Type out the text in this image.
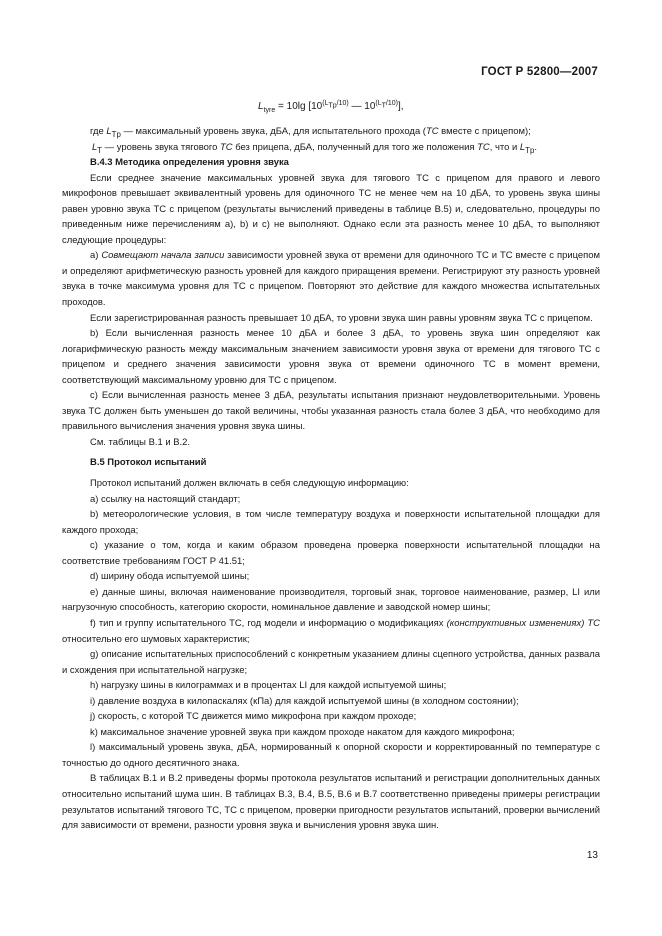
ГОСТ Р 52800—2007
$L_{tyre} = 10\lg$ [$10^{(L_{Tp}/10)}$ — $10^{(L_T/10)}$],

где $L_{Tp}$ — максимальный уровень звука, дБА, для испытательного прохода (TC вместе с прицепом);

$L_T$ — уровень звука тягового TC без прицепа, дБА, полученный для того же положения TC, что и $L_{Tp}$.

В.4.3 Методика определения уровня звука

Если среднее значение максимальных уровней звука для тягового ТС с прицепом для правого и левого микрофонов превышает эквивалентный уровень для одиночного ТС не менее чем на 10 дБА, то уровень звука шины равен уровню звука ТС с прицепом (результаты вычислений приведены в таблице В.5) и, следовательно, процедуры по приведенным ниже перечислениям а), b) и c) не выполняют. Однако если эта разность менее 10 дБА, то выполняют следующие процедуры:

a) Совмещают начала записи зависимости уровней звука от времени для одиночного ТС и ТС вместе с прицепом и определяют арифметическую разность уровней для каждого приращения времени. Регистрируют эту разность уровней звука в точке максимума уровня для ТС с прицепом. Повторяют это действие для каждого множества испытательных проходов.

Если зарегистрированная разность превышает 10 дБА, то уровни звука шин равны уровням звука ТС с прицепом.

b) Если вычисленная разность менее 10 дБА и более 3 дБА, то уровень звука шин определяют как логарифмическую разность между максимальным значением зависимости уровня звука от времени для тягового ТС с прицепом и среднего значения зависимости уровня звука от времени одиночного ТС в момент времени, соответствующий максимальному уровню для ТС с прицепом.

c) Если вычисленная разность менее 3 дБА, результаты испытания признают неудовлетворительными. Уровень звука ТС должен быть уменьшен до такой величины, чтобы указанная разность стала более 3 дБА, что необходимо для правильного вычисления значения уровня звука шины.

См. таблицы В.1 и В.2.

В.5 Протокол испытаний

Протокол испытаний должен включать в себя следующую информацию:

a) ссылку на настоящий стандарт;

b) метеорологические условия, в том числе температуру воздуха и поверхности испытательной площадки для каждого прохода;

c) указание о том, когда и каким образом проведена проверка поверхности испытательной площадки на соответствие требованиям ГОСТ Р 41.51;

d) ширину обода испытуемой шины;

e) данные шины, включая наименование производителя, торговый знак, торговое наименование, размер, LI или нагрузочную способность, категорию скорости, номинальное давление и заводской номер шины;

f) тип и группу испытательного ТС, год модели и информацию о модификациях (конструктивных изменениях) ТС относительно его шумовых характеристик;

g) описание испытательных приспособлений с конкретным указанием длины сцепного устройства, данных развала и схождения при испытательной нагрузке;

h) нагрузку шины в килограммах и в процентах LI для каждой испытуемой шины;

i) давление воздуха в килопаскалях (кПа) для каждой испытуемой шины (в холодном состоянии);

j) скорость, с которой ТС движется мимо микрофона при каждом проходе;

k) максимальное значение уровней звука при каждом проходе накатом для каждого микрофона;

l) максимальный уровень звука, дБА, нормированный к опорной скорости и корректированный по температуре с точностью до одного десятичного знака.

В таблицах В.1 и В.2 приведены формы протокола результатов испытаний и регистрации дополнительных данных относительно испытаний шума шин. В таблицах В.3, В.4, В.5, В.6 и В.7 соответственно приведены примеры регистрации результатов испытаний тягового ТС, ТС с прицепом, проверки пригодности результатов испытаний, проверки вычислений для зависимости от времени, разности уровня звука и вычисления уровня звука шин.

13
